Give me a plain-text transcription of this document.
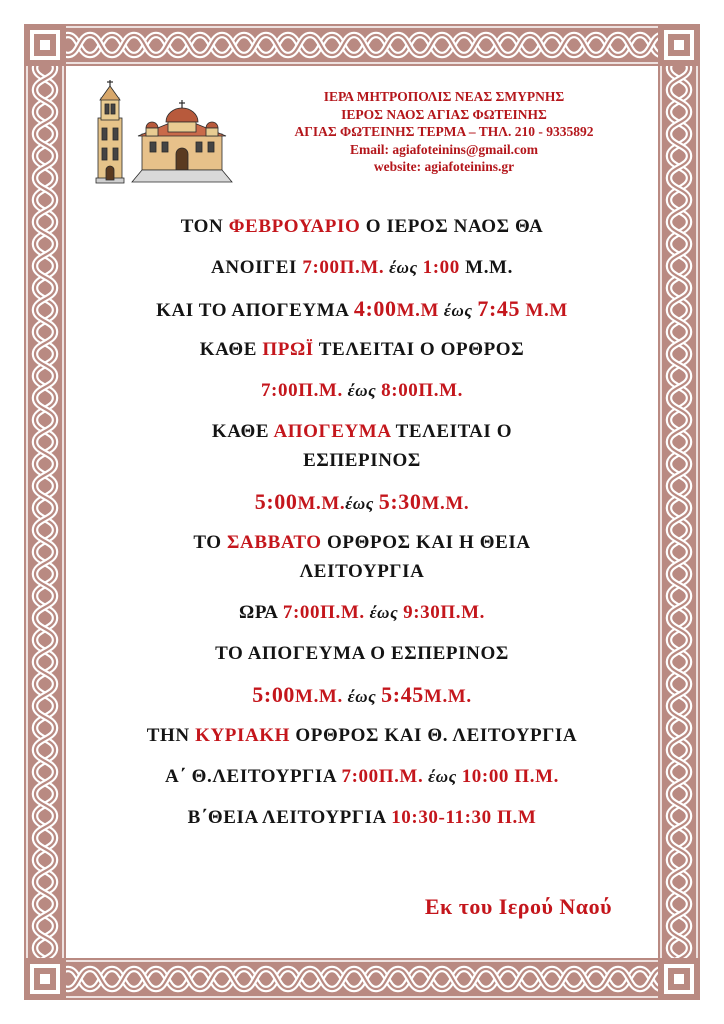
ΙΕΡΑ ΜΗΤΡΟΠΟΛΙΣ ΝΕΑΣ ΣΜΥΡΝΗΣ
ΙΕΡΟΣ ΝΑΟΣ ΑΓΙΑΣ ΦΩΤΕΙΝΗΣ
ΑΓΙΑΣ ΦΩΤΕΙΝΗΣ ΤΕΡΜΑ – ΤΗΛ. 210 - 9335892
Email: agiafoteinins@gmail.com
website: agiafoteinins.gr
ΤΟΝ ΦΕΒΡΟΥΑΡΙΟ Ο ΙΕΡΟΣ ΝΑΟΣ ΘΑ
ΑΝΟΙΓΕΙ 7:00Π.Μ. έως 1:00 Μ.Μ.
ΚΑΙ ΤΟ ΑΠΟΓΕΥΜΑ 4:00Μ.Μ έως 7:45 Μ.Μ
ΚΑΘΕ ΠΡΩΪ ΤΕΛΕΙΤΑΙ Ο ΟΡΘΡΟΣ
7:00Π.Μ. έως 8:00Π.Μ.
ΚΑΘΕ ΑΠΟΓΕΥΜΑ ΤΕΛΕΙΤΑΙ Ο ΕΣΠΕΡΙΝΟΣ
5:00Μ.Μ.έως 5:30Μ.Μ.
ΤΟ ΣΑΒΒΑΤΟ ΟΡΘΡΟΣ ΚΑΙ Η ΘΕΙΑ ΛΕΙΤΟΥΡΓΙΑ
ΩΡΑ 7:00Π.Μ. έως 9:30Π.Μ.
ΤΟ ΑΠΟΓΕΥΜΑ Ο ΕΣΠΕΡΙΝΟΣ
5:00Μ.Μ. έως 5:45Μ.Μ.
ΤΗΝ ΚΥΡΙΑΚΗ ΟΡΘΡΟΣ ΚΑΙ Θ. ΛΕΙΤΟΥΡΓΙΑ
Α΄ Θ.ΛΕΙΤΟΥΡΓΙΑ 7:00Π.Μ. έως 10:00 Π.Μ.
Β΄ΘΕΙΑ ΛΕΙΤΟΥΡΓΙΑ 10:30-11:30 Π.Μ
Εκ του Ιερού Ναού
